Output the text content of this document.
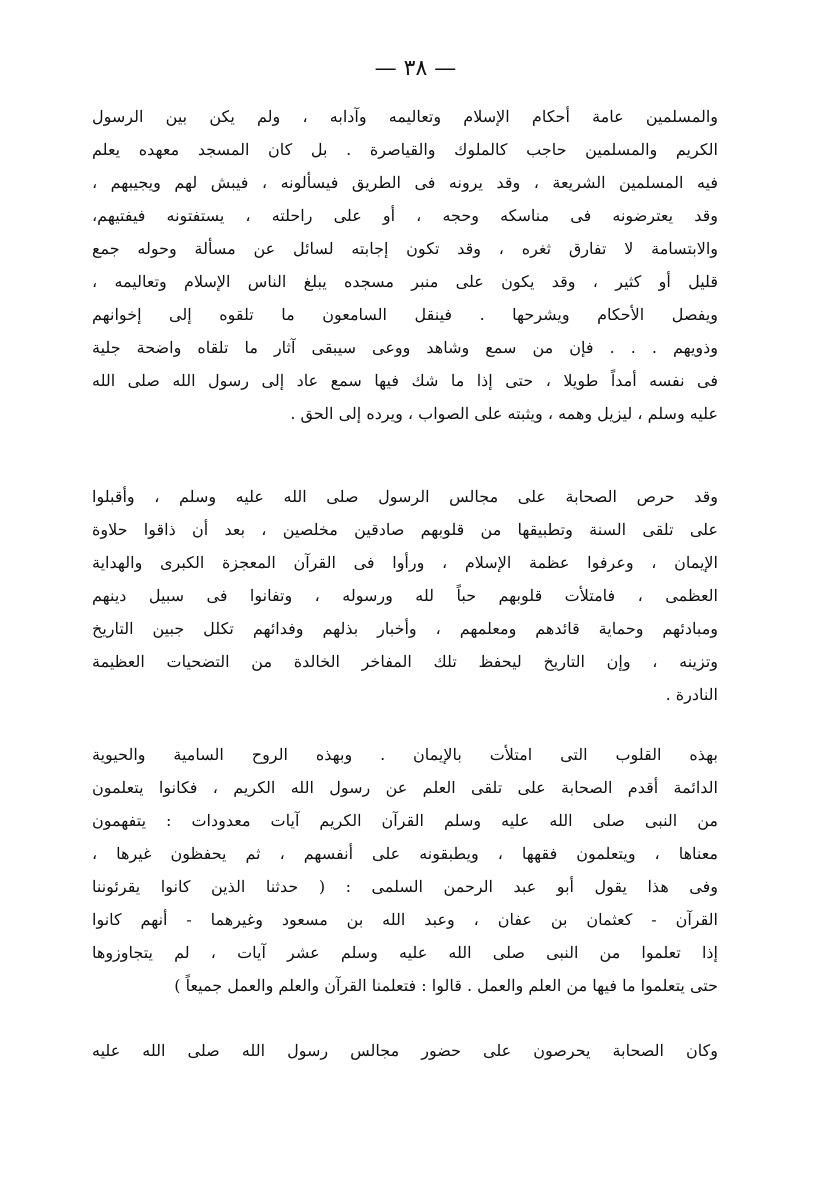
— ٣٨ —
والمسلمين عامة أحكام الإسلام وتعاليمه وآدابه ، ولم يكن بين الرسول
الكريم والمسلمين حاجب كالملوك والقياصرة . بل كان المسجد معهده يعلم
فيه المسلمين الشريعة ، وقد يرونه فى الطريق فيسألونه ، فيبش لهم ويجيبهم ،
وقد يعترضونه فى مناسكه وحجه ، أو على راحلته ، يستفتونه فيفتيهم،
والابتسامة لا تفارق ثغره ، وقد تكون إجابته لسائل عن مسألة وحوله جمع
قليل أو كثير ، وقد يكون على منبر مسجده يبلغ الناس الإسلام وتعاليمه ،
ويفصل الأحكام ويشرحها . فينقل السامعون ما تلقوه إلى إخوانهم
وذويهم . . . فإن من سمع وشاهد ووعى سيبقى آثار ما تلقاه واضحة جلية
فى نفسه أمداً طويلا ، حتى إذا ما شك فيها سمع عاد إلى رسول الله صلى الله
عليه وسلم ، ليزيل وهمه ، ويثبته على الصواب ، ويرده إلى الحق .
وقد حرص الصحابة على مجالس الرسول صلى الله عليه وسلم ، وأقبلوا
على تلقى السنة وتطبيقها من قلوبهم صادقين مخلصين ، بعد أن ذاقوا حلاوة
الإيمان ، وعرفوا عظمة الإسلام ، ورأوا فى القرآن المعجزة الكبرى والهداية
العظمى ، فامتلأت قلوبهم حباً لله ورسوله ، وتفانوا فى سبيل دينهم
ومبادئهم وحماية قائدهم ومعلمهم ، وأخبار بذلهم وفدائهم تكلل جبين التاريخ
وتزينه ، وإن التاريخ ليحفظ تلك المفاخر الخالدة من التضحيات العظيمة
النادرة .
بهذه القلوب التى امتلأت بالإيمان . وبهذه الروح السامية والحيوية
الدائمة أقدم الصحابة على تلقى العلم عن رسول الله الكريم ، فكانوا يتعلمون
من النبى صلى الله عليه وسلم القرآن الكريم آيات معدودات : يتفهمون
معناها ، ويتعلمون فقهها ، ويطبقونه على أنفسهم ، ثم يحفظون غيرها ،
وفى هذا يقول أبو عبد الرحمن السلمى : ( حدثنا الذين كانوا يقرئوننا
القرآن - كعثمان بن عفان ، وعبد الله بن مسعود وغيرهما - أنهم كانوا
إذا تعلموا من النبى صلى الله عليه وسلم عشر آيات ، لم يتجاوزوها
حتى يتعلموا ما فيها من العلم والعمل . قالوا : فتعلمنا القرآن والعلم والعمل جميعاً )
وكان الصحابة يحرصون على حضور مجالس رسول الله صلى الله عليه
